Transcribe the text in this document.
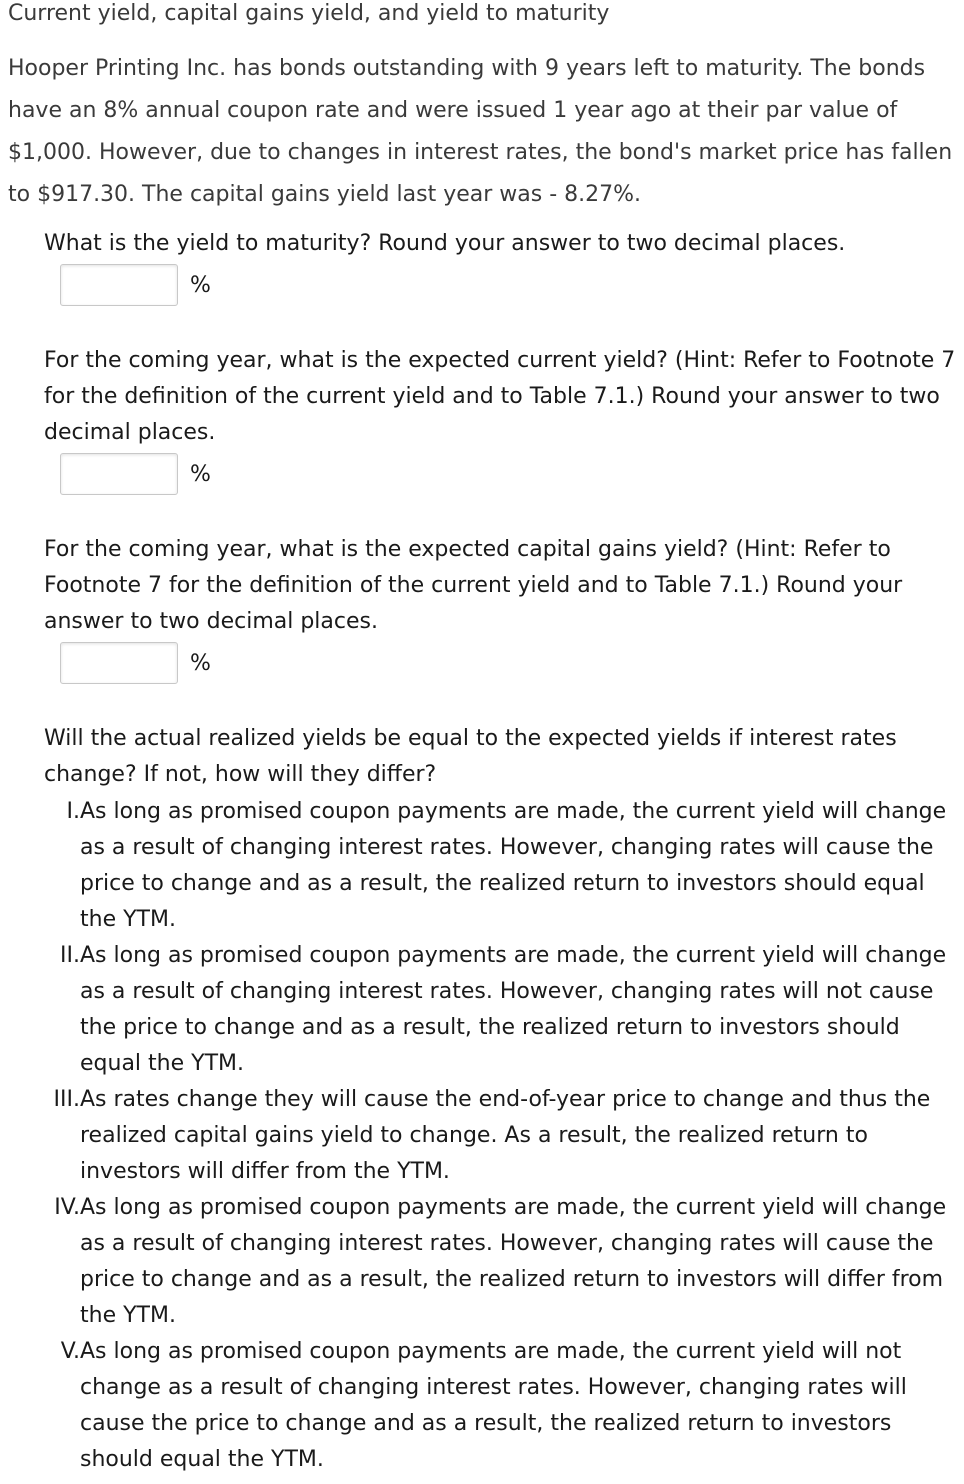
Current yield, capital gains yield, and yield to maturity
Hooper Printing Inc. has bonds outstanding with 9 years left to maturity. The bonds have an 8% annual coupon rate and were issued 1 year ago at their par value of $1,000. However, due to changes in interest rates, the bond's market price has fallen to $917.30. The capital gains yield last year was - 8.27%.
What is the yield to maturity? Round your answer to two decimal places.
%
For the coming year, what is the expected current yield? (Hint: Refer to Footnote 7 for the definition of the current yield and to Table 7.1.) Round your answer to two decimal places.
%
For the coming year, what is the expected capital gains yield? (Hint: Refer to Footnote 7 for the definition of the current yield and to Table 7.1.) Round your answer to two decimal places.
%
Will the actual realized yields be equal to the expected yields if interest rates change? If not, how will they differ?
I. As long as promised coupon payments are made, the current yield will change as a result of changing interest rates. However, changing rates will cause the price to change and as a result, the realized return to investors should equal the YTM.
II. As long as promised coupon payments are made, the current yield will change as a result of changing interest rates. However, changing rates will not cause the price to change and as a result, the realized return to investors should equal the YTM.
III. As rates change they will cause the end-of-year price to change and thus the realized capital gains yield to change. As a result, the realized return to investors will differ from the YTM.
IV. As long as promised coupon payments are made, the current yield will change as a result of changing interest rates. However, changing rates will cause the price to change and as a result, the realized return to investors will differ from the YTM.
V. As long as promised coupon payments are made, the current yield will not change as a result of changing interest rates. However, changing rates will cause the price to change and as a result, the realized return to investors should equal the YTM.
